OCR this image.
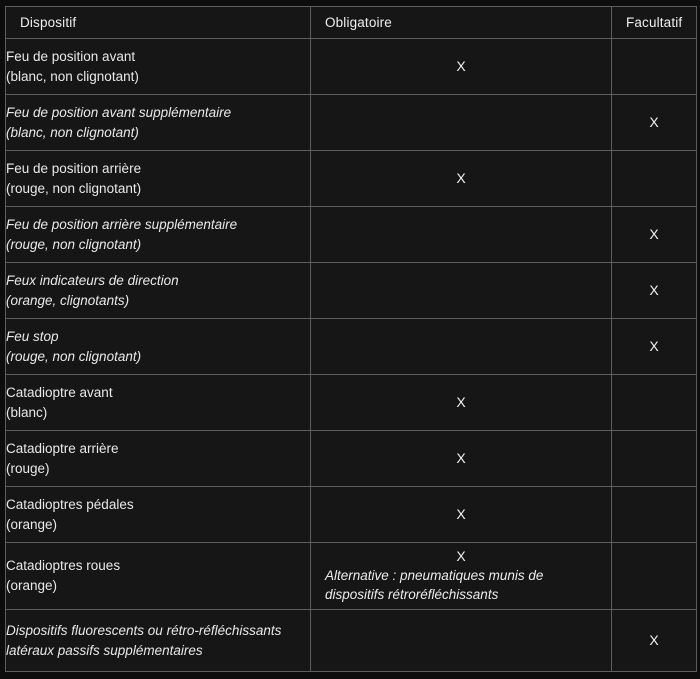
Dispositif	Obligatoire	Facultatif

Feu de position avant
(blanc, non clignotant)	X	

Feu de position avant supplémentaire
(blanc, non clignotant)		X

Feu de position arrière
(rouge, non clignotant)	X	

Feu de position arrière supplémentaire
(rouge, non clignotant)		X

Feux indicateurs de direction
(orange, clignotants)		X

Feu stop
(rouge, non clignotant)		X

Catadioptre avant
(blanc)	X	

Catadioptre arrière
(rouge)	X	

Catadioptres pédales
(orange)	X	

Catadioptres roues
(orange)	X
Alternative : pneumatiques munis de dispositifs rétroréfléchissants	

Dispositifs fluorescents ou rétro-réfléchissants
latéraux passifs supplémentaires		X
